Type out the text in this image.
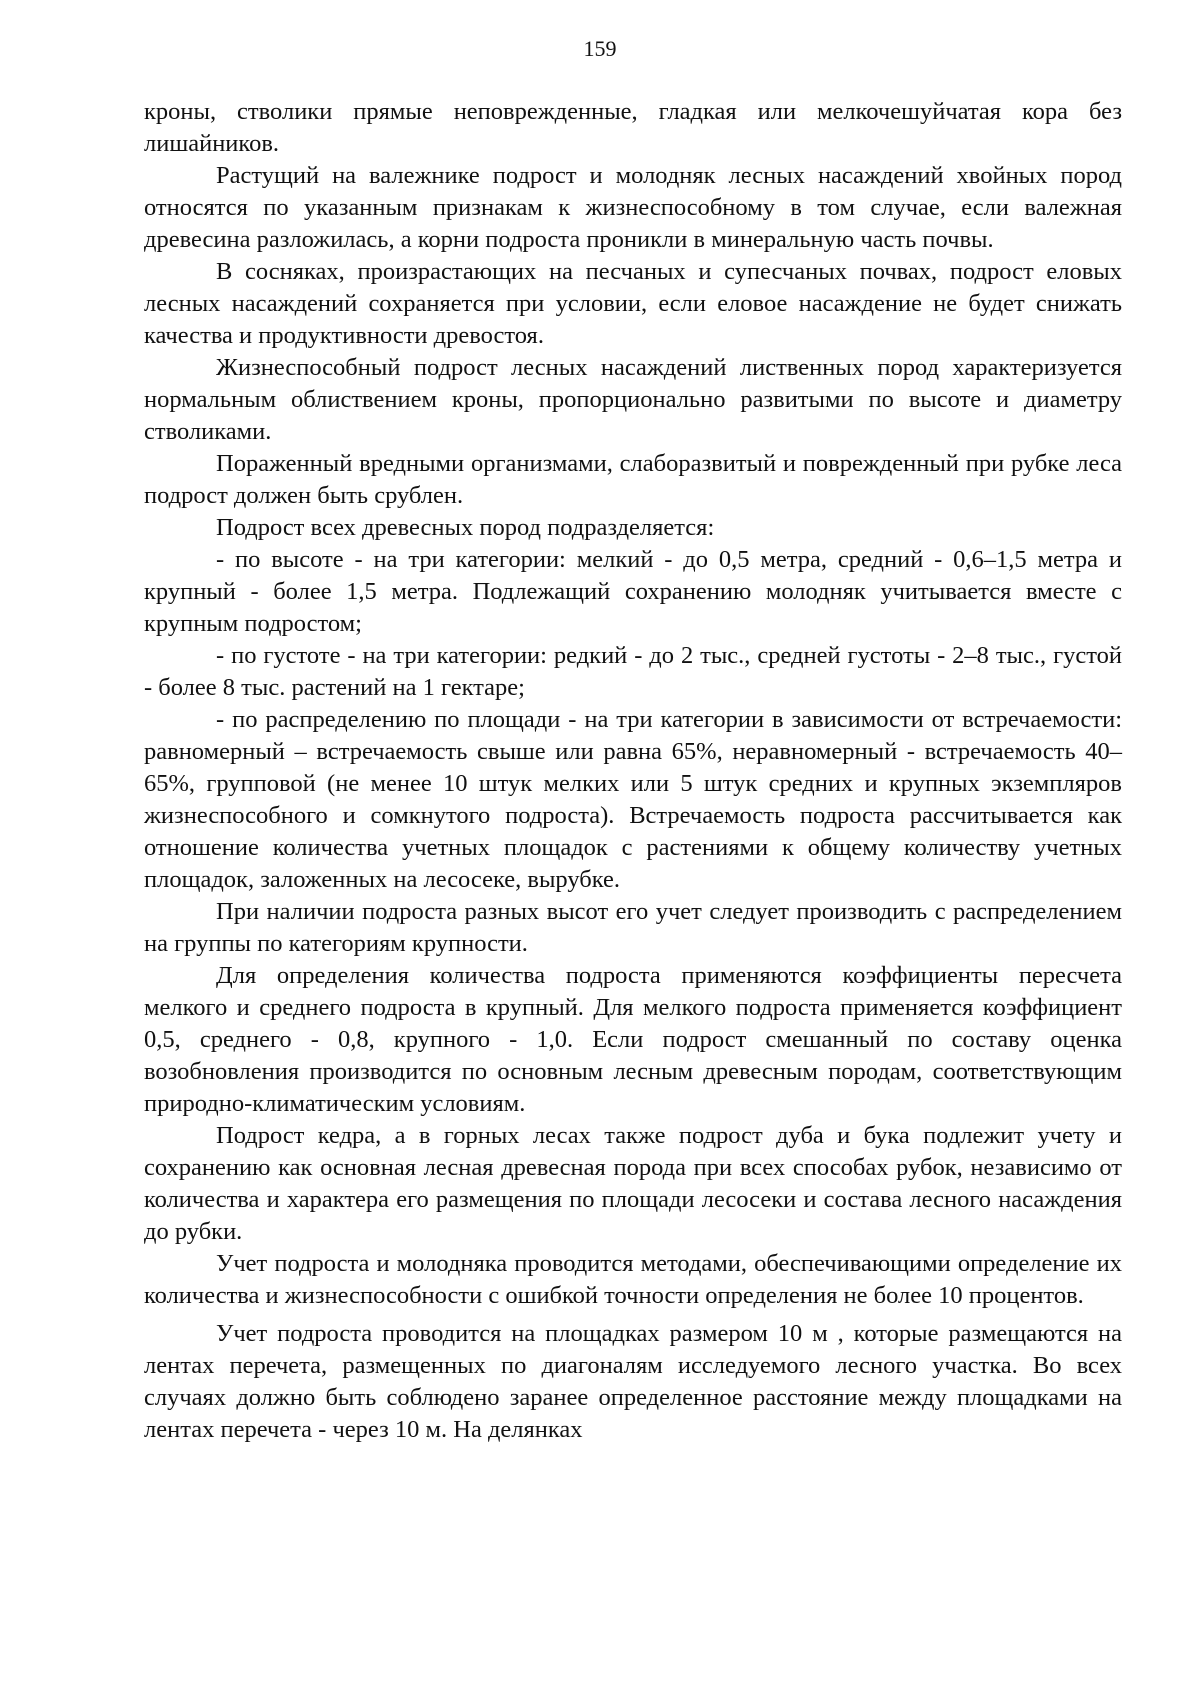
159

кроны, стволики прямые неповрежденные, гладкая или мелкочешуйчатая кора без лишайников.

Растущий на валежнике подрост и молодняк лесных насаждений хвойных пород относятся по указанным признакам к жизнеспособному в том случае, если валежная древесина разложилась, а корни подроста проникли в минеральную часть почвы.

В сосняках, произрастающих на песчаных и супесчаных почвах, подрост еловых лесных насаждений сохраняется при условии, если еловое насаждение не будет снижать качества и продуктивности древостоя.

Жизнеспособный подрост лесных насаждений лиственных пород характеризуется нормальным облиствением кроны, пропорционально развитыми по высоте и диаметру стволиками.

Пораженный вредными организмами, слаборазвитый и поврежденный при рубке леса подрост должен быть срублен.

Подрост всех древесных пород подразделяется:

- по высоте - на три категории: мелкий - до 0,5 метра, средний - 0,6–1,5 метра и крупный - более 1,5 метра. Подлежащий сохранению молодняк учитывается вместе с крупным подростом;

- по густоте - на три категории: редкий - до 2 тыс., средней густоты - 2–8 тыс., густой - более 8 тыс. растений на 1 гектаре;

- по распределению по площади - на три категории в зависимости от встречаемости: равномерный – встречаемость свыше или равна 65%, неравномерный - встречаемость 40–65%, групповой (не менее 10 штук мелких или 5 штук средних и крупных экземпляров жизнеспособного и сомкнутого подроста). Встречаемость подроста рассчитывается как отношение количества учетных площадок с растениями к общему количеству учетных площадок, заложенных на лесосеке, вырубке.

При наличии подроста разных высот его учет следует производить с распределением на группы по категориям крупности.

Для определения количества подроста применяются коэффициенты пересчета мелкого и среднего подроста в крупный. Для мелкого подроста применяется коэффициент 0,5, среднего - 0,8, крупного - 1,0. Если подрост смешанный по составу оценка возобновления производится по основным лесным древесным породам, соответствующим природно-климатическим условиям.

Подрост кедра, а в горных лесах также подрост дуба и бука подлежит учету и сохранению как основная лесная древесная порода при всех способах рубок, независимо от количества и характера его размещения по площади лесосеки и состава лесного насаждения до рубки.

Учет подроста и молодняка проводится методами, обеспечивающими определение их количества и жизнеспособности с ошибкой точности определения не более 10 процентов.

Учет подроста проводится на площадках размером 10 м , которые размещаются на лентах перечета, размещенных по диагоналям исследуемого лесного участка. Во всех случаях должно быть соблюдено заранее определенное расстояние между площадками на лентах перечета - через 10 м. На делянках
